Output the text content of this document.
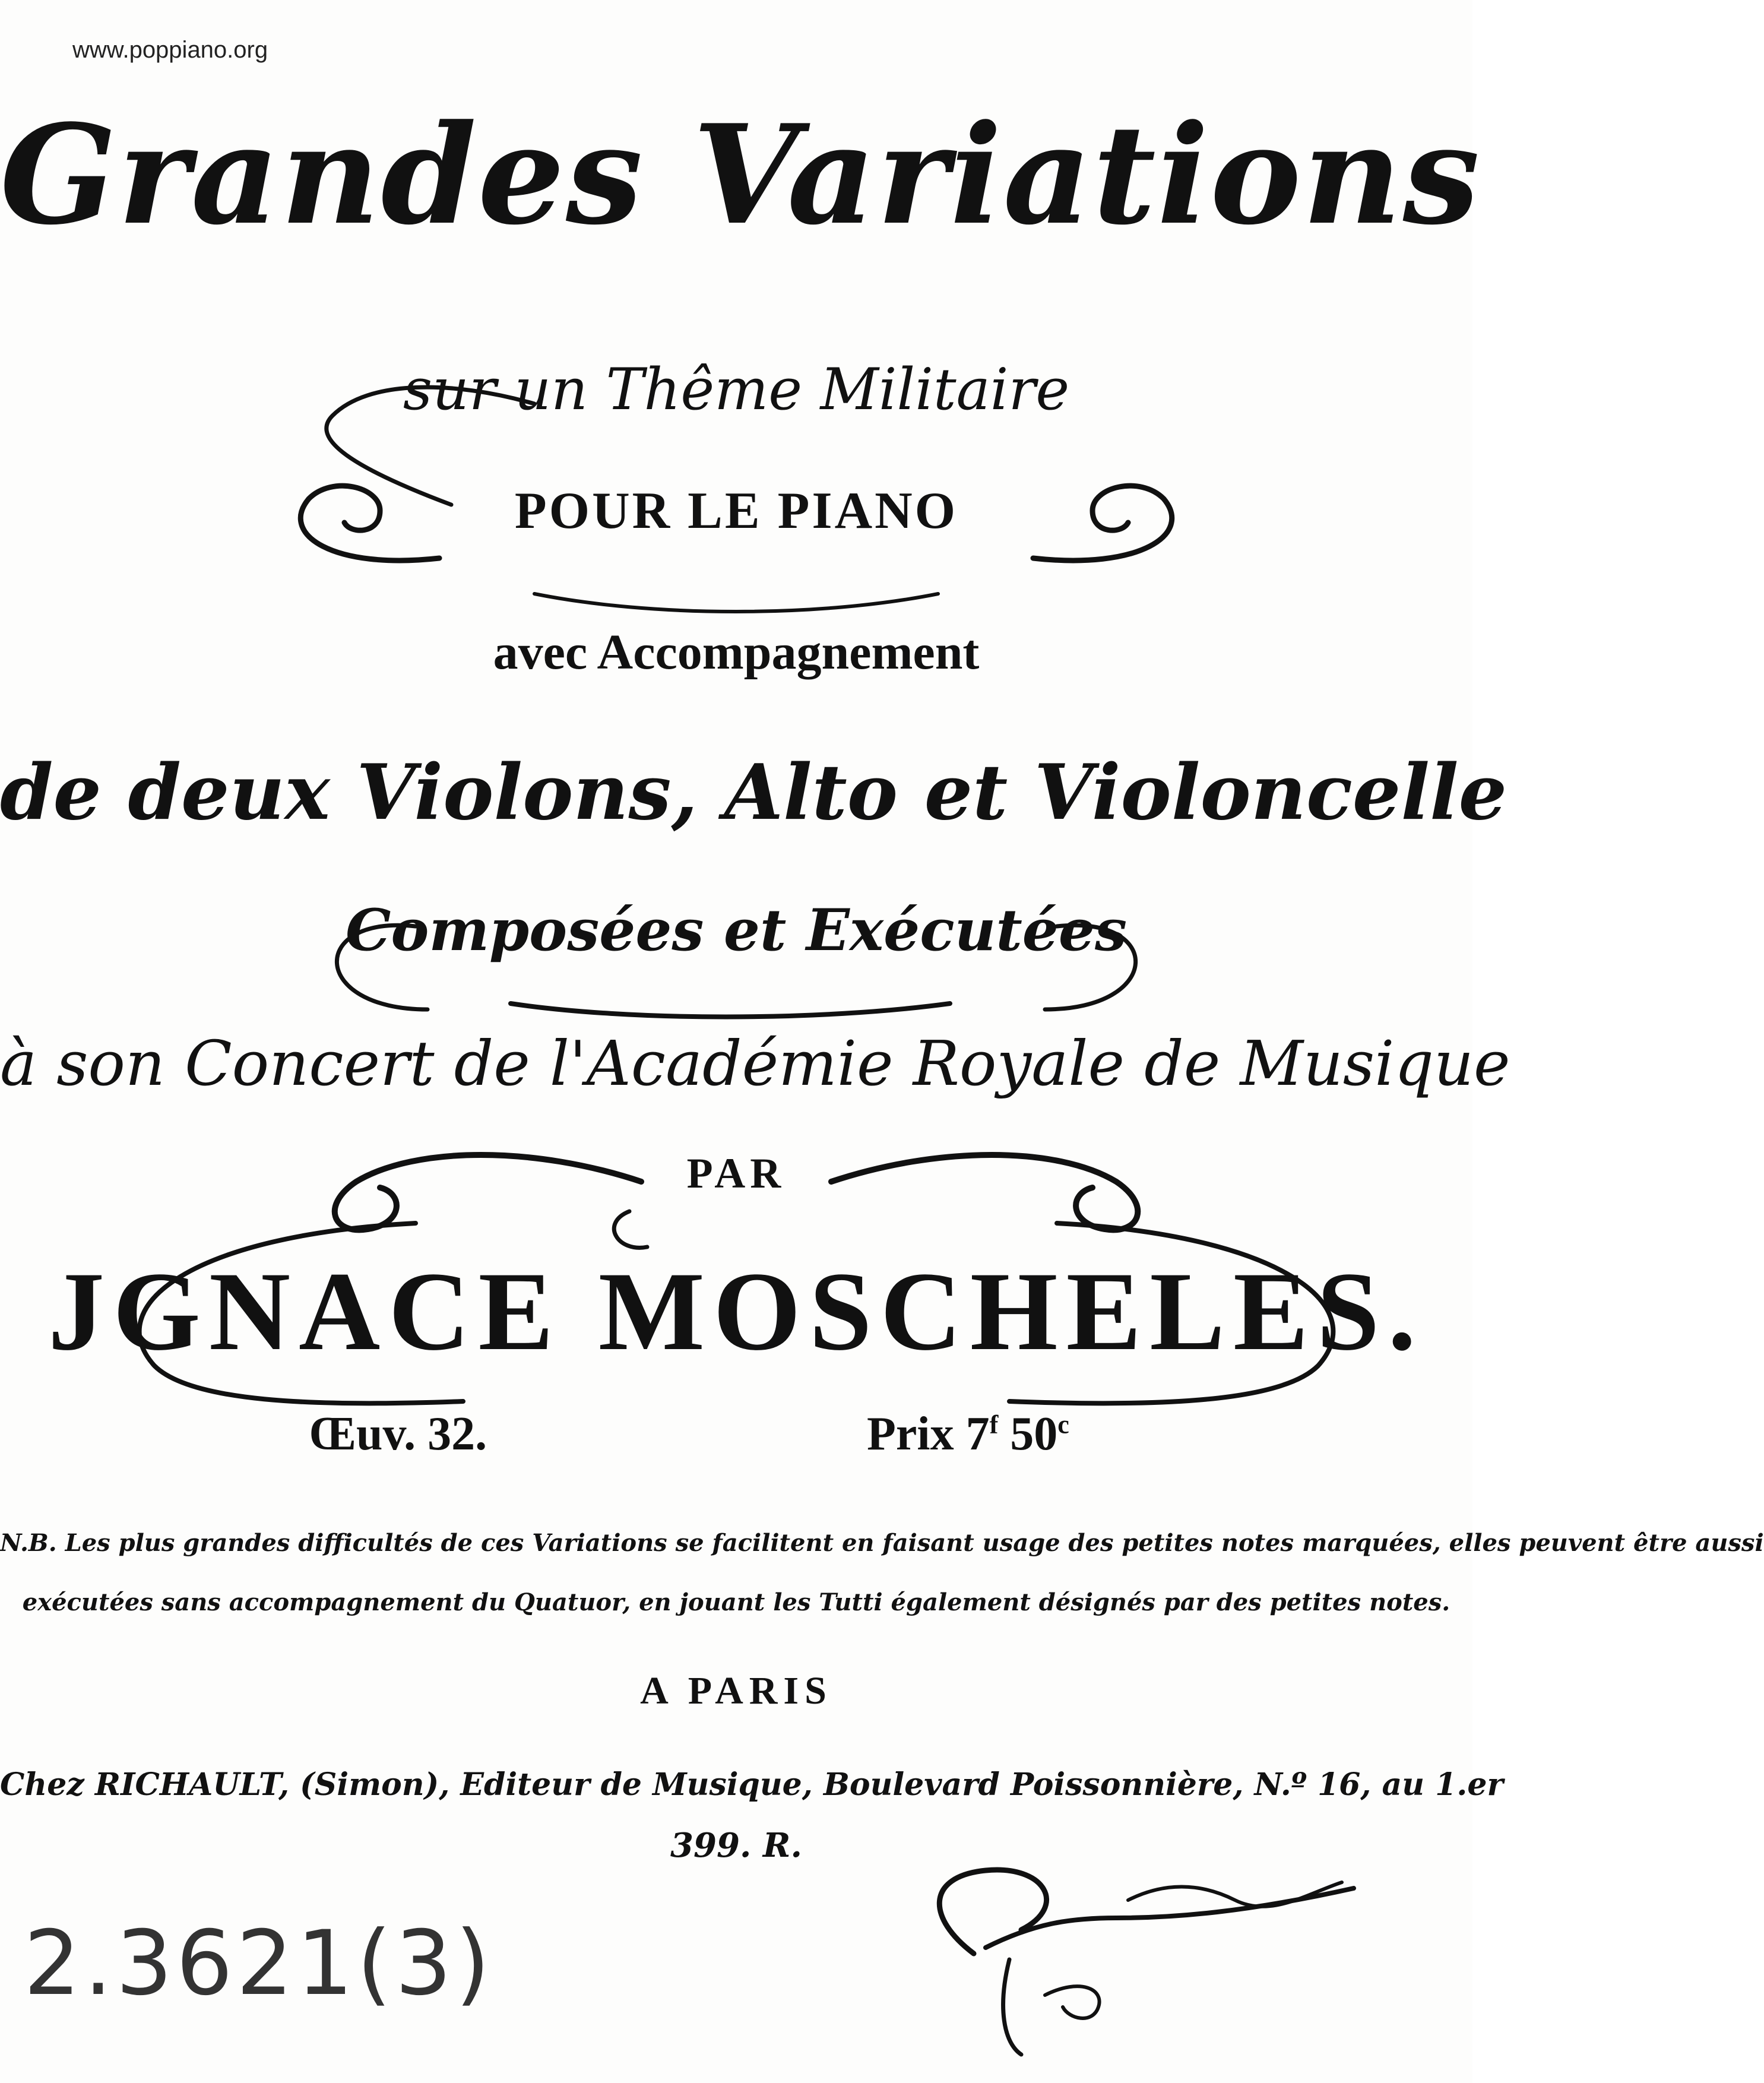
www.poppiano.org
Grandes Variations
sur un Thême Militaire
POUR LE PIANO
avec Accompagnement
de deux Violons, Alto et Violoncelle
Composées et Exécutées
à son Concert de l'Académie Royale de Musique
PAR
JGNACE MOSCHELES.
Œuv. 32.	Prix 7$^f$ 50$^c$
N.B. Les plus grandes difficultés de ces Variations se facilitent en faisant usage des petites notes marquées, elles peuvent être aussi
exécutées sans accompagnement du Quatuor, en jouant les Tutti également désignés par des petites notes.
A PARIS
Chez RICHAULT, (Simon), Editeur de Musique, Boulevard Poissonnière, N.º 16, au 1.er
399. R.
2.3621(3)
